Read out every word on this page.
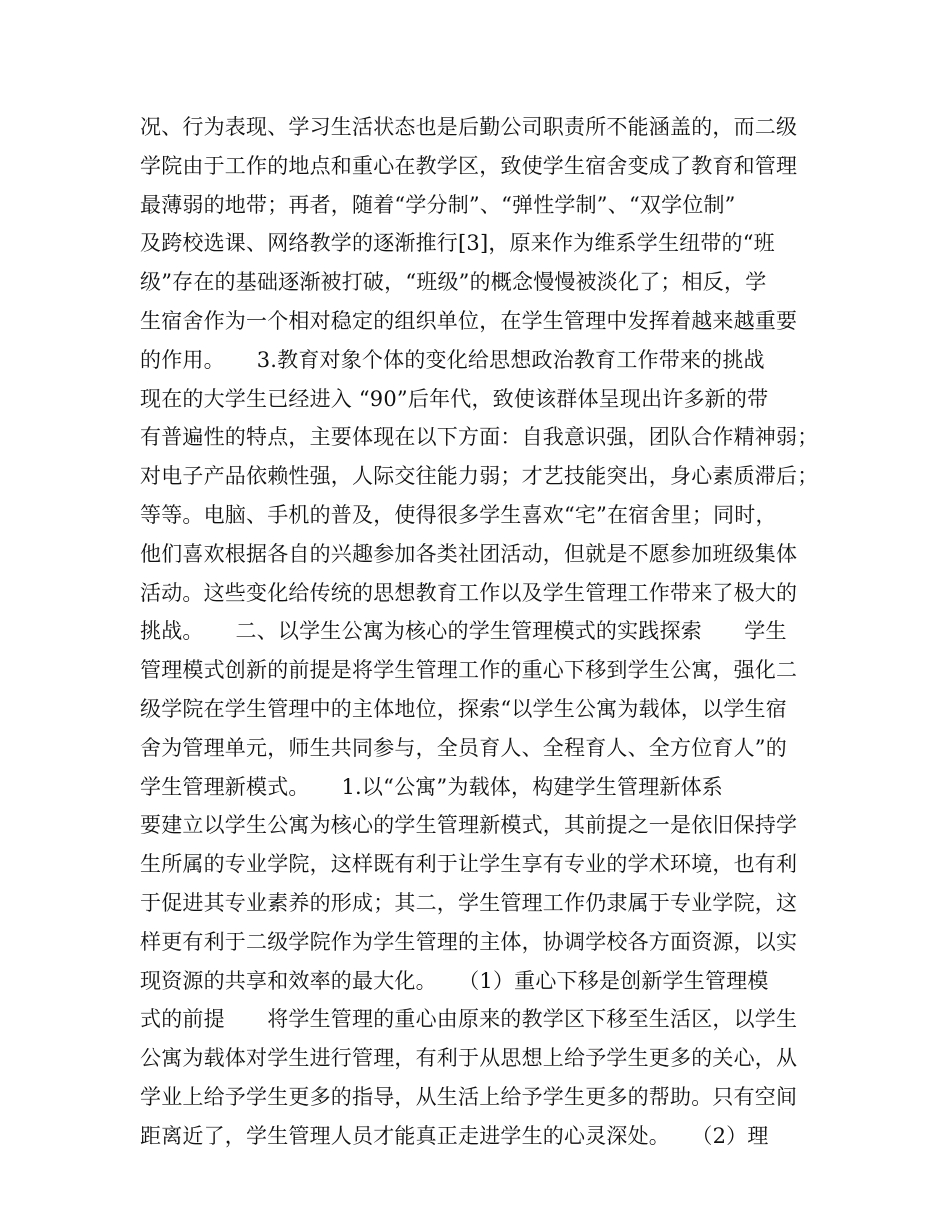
况、行为表现、学习生活状态也是后勤公司职责所不能涵盖的，而二级
学院由于工作的地点和重心在教学区，致使学生宿舍变成了教育和管理
最薄弱的地带；再者，随着“学分制”、“弹性学制”、“双学位制”
及跨校选课、网络教学的逐渐推行[3]，原来作为维系学生纽带的“班
级”存在的基础逐渐被打破，“班级”的概念慢慢被淡化了；相反，学
生宿舍作为一个相对稳定的组织单位，在学生管理中发挥着越来越重要
的作用。　　3.教育对象个体的变化给思想政治教育工作带来的挑战
现在的大学生已经进入 “90”后年代，致使该群体呈现出许多新的带
有普遍性的特点，主要体现在以下方面：自我意识强，团队合作精神弱；
对电子产品依赖性强，人际交往能力弱；才艺技能突出，身心素质滞后；
等等。电脑、手机的普及，使得很多学生喜欢“宅”在宿舍里；同时，
他们喜欢根据各自的兴趣参加各类社团活动，但就是不愿参加班级集体
活动。这些变化给传统的思想教育工作以及学生管理工作带来了极大的
挑战。　　二、以学生公寓为核心的学生管理模式的实践探索　　学生
管理模式创新的前提是将学生管理工作的重心下移到学生公寓，强化二
级学院在学生管理中的主体地位，探索“以学生公寓为载体，以学生宿
舍为管理单元，师生共同参与，全员育人、全程育人、全方位育人”的
学生管理新模式。　　1.以“公寓”为载体，构建学生管理新体系
要建立以学生公寓为核心的学生管理新模式，其前提之一是依旧保持学
生所属的专业学院，这样既有利于让学生享有专业的学术环境，也有利
于促进其专业素养的形成；其二，学生管理工作仍隶属于专业学院，这
样更有利于二级学院作为学生管理的主体，协调学校各方面资源，以实
现资源的共享和效率的最大化。　　（1）重心下移是创新学生管理模
式的前提　　将学生管理的重心由原来的教学区下移至生活区，以学生
公寓为载体对学生进行管理，有利于从思想上给予学生更多的关心，从
学业上给予学生更多的指导，从生活上给予学生更多的帮助。只有空间
距离近了，学生管理人员才能真正走进学生的心灵深处。　　（2）理
